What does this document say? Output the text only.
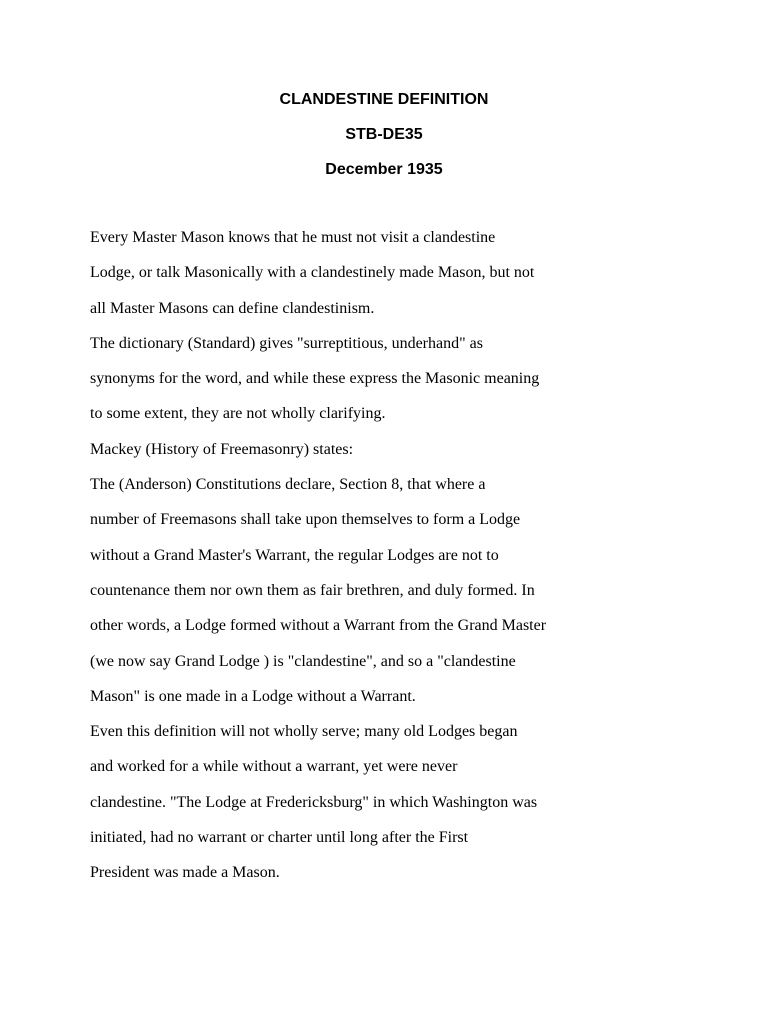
CLANDESTINE DEFINITION
STB-DE35
December 1935
Every Master Mason knows that he must not visit a clandestine
Lodge, or talk Masonically with a clandestinely made Mason, but not
all Master Masons can define clandestinism.
The dictionary (Standard) gives "surreptitious, underhand" as
synonyms for the word, and while these express the Masonic meaning
to some extent, they are not wholly clarifying.
Mackey (History of Freemasonry) states:
The (Anderson) Constitutions declare, Section 8, that where a
number of Freemasons shall take upon themselves to form a Lodge
without a Grand Master's Warrant, the regular Lodges are not to
countenance them nor own them as fair brethren, and duly formed. In
other words, a Lodge formed without a Warrant from the Grand Master
(we now say Grand Lodge ) is "clandestine", and so a "clandestine
Mason" is one made in a Lodge without a Warrant.
Even this definition will not wholly serve; many old Lodges began
and worked for a while without a warrant, yet were never
clandestine. "The Lodge at Fredericksburg" in which Washington was
initiated, had no warrant or charter until long after the First
President was made a Mason.
